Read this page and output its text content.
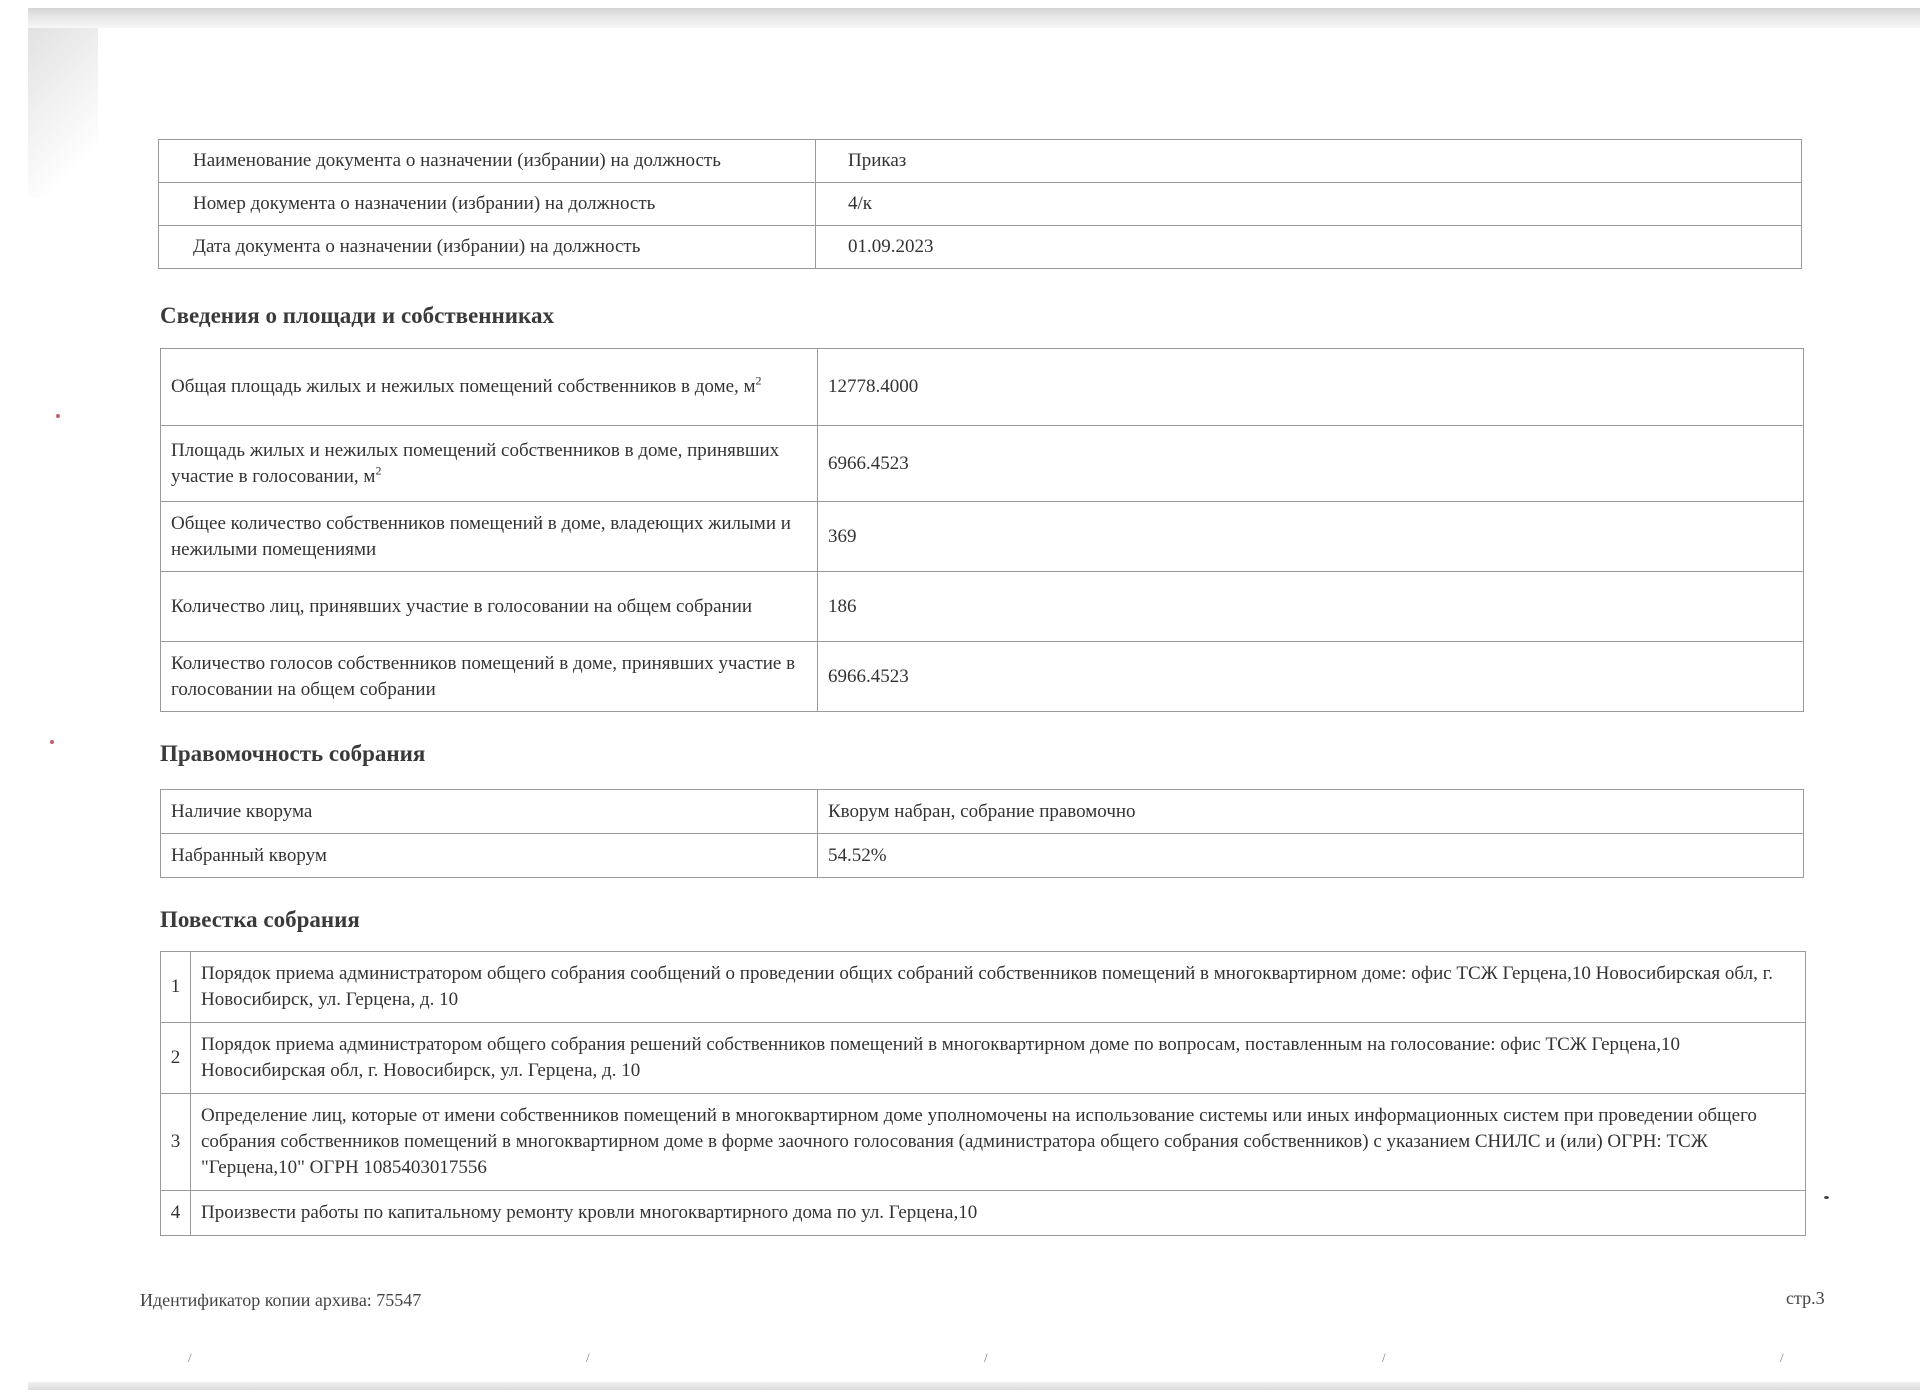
/	/	/	/	/
Наименование документа о назначении (избрании) на должность	Приказ
Номер документа о назначении (избрании) на должность	4/к
Дата документа о назначении (избрании) на должность	01.09.2023
Сведения о площади и собственниках
Общая площадь жилых и нежилых помещений собственников в доме, $м^2$	12778.4000
Площадь жилых и нежилых помещений собственников в доме, принявших участие в голосовании, $м^2$	6966.4523
Общее количество собственников помещений в доме, владеющих жилыми и нежилыми помещениями	369
Количество лиц, принявших участие в голосовании на общем собрании	186
Количество голосов собственников помещений в доме, принявших участие в голосовании на общем собрании	6966.4523
Правомочность собрания
Наличие кворума	Кворум набран, собрание правомочно
Набранный кворум	54.52%
Повестка собрания
1	Порядок приема администратором общего собрания сообщений о проведении общих собраний собственников помещений в многоквартирном доме: офис ТСЖ Герцена,10 Новосибирская обл, г. Новосибирск, ул. Герцена, д. 10
2	Порядок приема администратором общего собрания решений собственников помещений в многоквартирном доме по вопросам, поставленным на голосование: офис ТСЖ Герцена,10 Новосибирская обл, г. Новосибирск, ул. Герцена, д. 10
3	Определение лиц, которые от имени собственников помещений в многоквартирном доме уполномочены на использование системы или иных информационных систем при проведении общего собрания собственников помещений в многоквартирном доме в форме заочного голосования (администратора общего собрания собственников) с указанием СНИЛС и (или) ОГРН: ТСЖ "Герцена,10" ОГРН 1085403017556
4	Произвести работы по капитальному ремонту кровли многоквартирного дома по ул. Герцена,10
Идентификатор копии архива: 75547	стр.3
